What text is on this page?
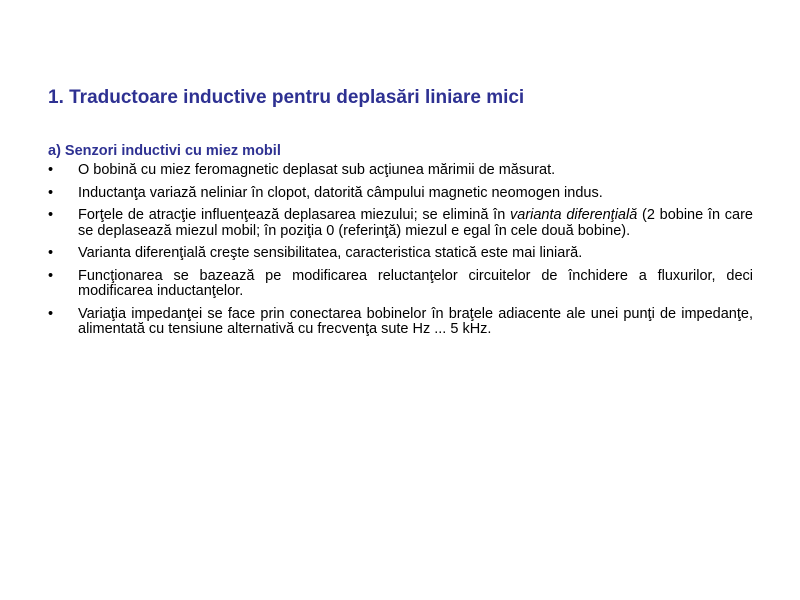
1. Traductoare inductive pentru deplasări liniare mici
a) Senzori inductivi cu miez mobil
• O bobină cu miez feromagnetic deplasat sub acţiunea mărimii de măsurat.
• Inductanţa variază neliniar în clopot, datorită câmpului magnetic neomogen indus.
• Forţele de atracţie influenţează deplasarea miezului; se elimină în varianta diferenţială (2 bobine în care se deplasează miezul mobil; în poziţia 0 (referinţă) miezul e egal în cele două bobine).
• Varianta diferenţială creşte sensibilitatea, caracteristica statică este mai liniară.
• Funcţionarea se bazează pe modificarea reluctanţelor circuitelor de închidere a fluxurilor, deci modificarea inductanţelor.
• Variaţia impedanţei se face prin conectarea bobinelor în braţele adiacente ale unei punţi de impedanţe, alimentată cu tensiune alternativă cu frecvenţa sute Hz ... 5 kHz.
